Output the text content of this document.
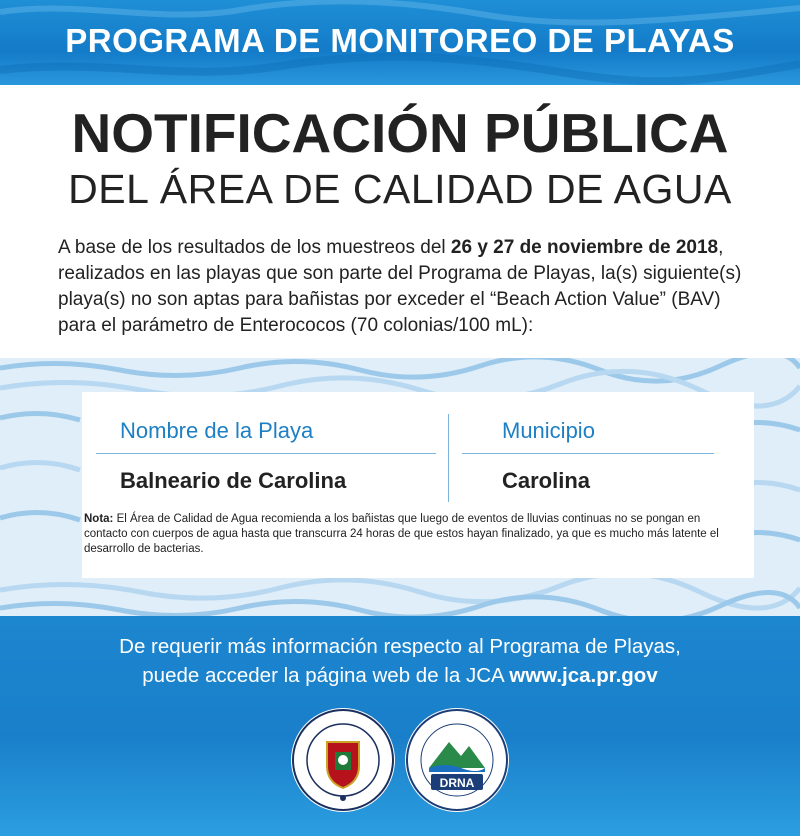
PROGRAMA DE MONITOREO DE PLAYAS
NOTIFICACIÓN PÚBLICA
DEL ÁREA DE CALIDAD DE AGUA

A base de los resultados de los muestreos del 26 y 27 de noviembre de 2018, realizados en las playas que son parte del Programa de Playas, la(s) siguiente(s) playa(s) no son aptas para bañistas por exceder el “Beach Action Value” (BAV) para el parámetro de Enterococos (70 colonias/100 mL):

Nombre de la Playa	Municipio
Balneario de Carolina	Carolina

Nota: El Área de Calidad de Agua recomienda a los bañistas que luego de eventos de lluvias continuas no se pongan en contacto con cuerpos de agua hasta que transcurra 24 horas de que estos hayan finalizado, ya que es mucho más latente el desarrollo de bacterias.

De requerir más información respecto al Programa de Playas,
puede acceder la página web de la JCA www.jca.pr.gov
DRNA
